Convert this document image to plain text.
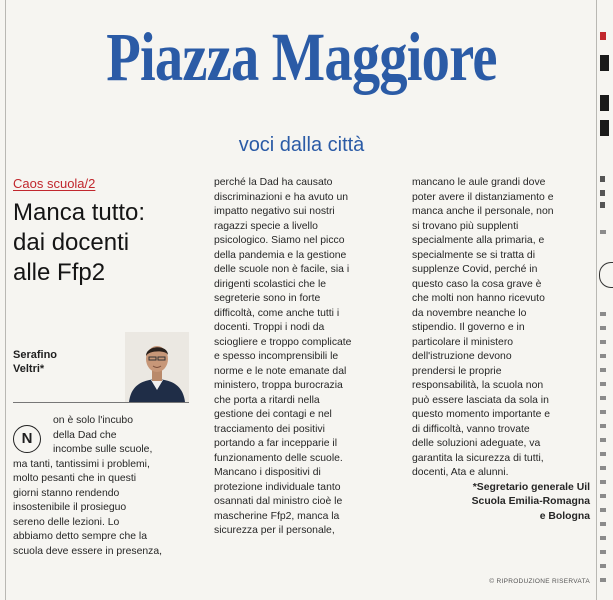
Piazza Maggiore
voci dalla città
Caos scuola/2
Manca tutto:
dai docenti
alle Ffp2
Serafino
Veltri*
N

on è solo l'incubo

della Dad che

incombe sulle scuole,

ma tanti, tantissimi i problemi,

molto pesanti che in questi

giorni stanno rendendo

insostenibile il prosieguo

sereno delle lezioni. Lo

abbiamo detto sempre che la

scuola deve essere in presenza,

perché la Dad ha causato

discriminazioni e ha avuto un

impatto negativo sui nostri

ragazzi specie a livello

psicologico. Siamo nel picco

della pandemia e la gestione

delle scuole non è facile, sia i

dirigenti scolastici che le

segreterie sono in forte

difficoltà, come anche tutti i

docenti. Troppi i nodi da

sciogliere e troppo complicate

e spesso incomprensibili le

norme e le note emanate dal

ministero, troppa burocrazia

che porta a ritardi nella

gestione dei contagi e nel

tracciamento dei positivi

portando a far incepparie il

funzionamento delle scuole.

Mancano i dispositivi di

protezione individuale tanto

osannati dal ministro cioè le

mascherine Ffp2, manca la

sicurezza per il personale,

mancano le aule grandi dove

poter avere il distanziamento e

manca anche il personale, non

si trovano più supplenti

specialmente alla primaria, e

specialmente se si tratta di

supplenze Covid, perché in

questo caso la cosa grave è

che molti non hanno ricevuto

da novembre neanche lo

stipendio. Il governo e in

particolare il ministero

dell'istruzione devono

prendersi le proprie

responsabilità, la scuola non

può essere lasciata da sola in

questo momento importante e

di difficoltà, vanno trovate

delle soluzioni adeguate, va

garantita la sicurezza di tutti,

docenti, Ata e alunni.

*Segretario generale Uil

Scuola Emilia-Romagna

e Bologna

© RIPRODUZIONE RISERVATA
